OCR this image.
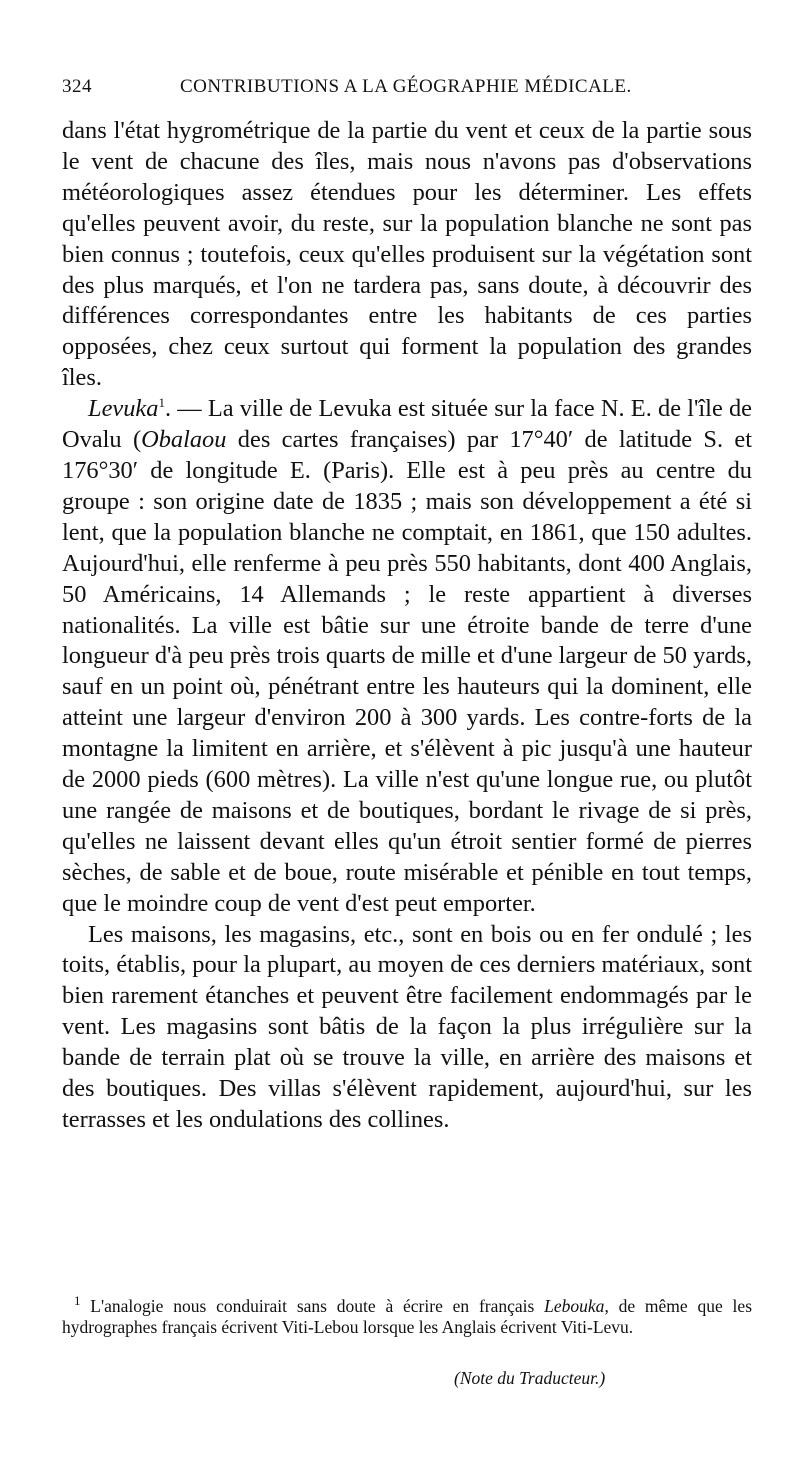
324	CONTRIBUTIONS A LA GÉOGRAPHIE MÉDICALE.

dans l'état hygrométrique de la partie du vent et ceux de la partie sous le vent de chacune des îles, mais nous n'avons pas d'observations météorologiques assez étendues pour les déterminer. Les effets qu'elles peuvent avoir, du reste, sur la population blanche ne sont pas bien connus ; toutefois, ceux qu'elles produisent sur la végétation sont des plus marqués, et l'on ne tardera pas, sans doute, à découvrir des différences correspondantes entre les habitants de ces parties opposées, chez ceux surtout qui forment la population des grandes îles.

Levuka$^1$. — La ville de Levuka est située sur la face N. E. de l'île de Ovalu (Obalaou des cartes françaises) par 17°40′ de latitude S. et 176°30′ de longitude E. (Paris). Elle est à peu près au centre du groupe : son origine date de 1835 ; mais son développement a été si lent, que la population blanche ne comptait, en 1861, que 150 adultes. Aujourd'hui, elle renferme à peu près 550 habitants, dont 400 Anglais, 50 Américains, 14 Allemands ; le reste appartient à diverses nationalités. La ville est bâtie sur une étroite bande de terre d'une longueur d'à peu près trois quarts de mille et d'une largeur de 50 yards, sauf en un point où, pénétrant entre les hauteurs qui la dominent, elle atteint une largeur d'environ 200 à 300 yards. Les contre-forts de la montagne la limitent en arrière, et s'élèvent à pic jusqu'à une hauteur de 2000 pieds (600 mètres). La ville n'est qu'une longue rue, ou plutôt une rangée de maisons et de boutiques, bordant le rivage de si près, qu'elles ne laissent devant elles qu'un étroit sentier formé de pierres sèches, de sable et de boue, route misérable et pénible en tout temps, que le moindre coup de vent d'est peut emporter.

Les maisons, les magasins, etc., sont en bois ou en fer ondulé ; les toits, établis, pour la plupart, au moyen de ces derniers matériaux, sont bien rarement étanches et peuvent être facilement endommagés par le vent. Les magasins sont bâtis de la façon la plus irrégulière sur la bande de terrain plat où se trouve la ville, en arrière des maisons et des boutiques. Des villas s'élèvent rapidement, aujourd'hui, sur les terrasses et les ondulations des collines.

$^1$ L'analogie nous conduirait sans doute à écrire en français Lebouka, de même que les hydrographes français écrivent Viti-Lebou lorsque les Anglais écrivent Viti-Levu.

(Note du Traducteur.)
